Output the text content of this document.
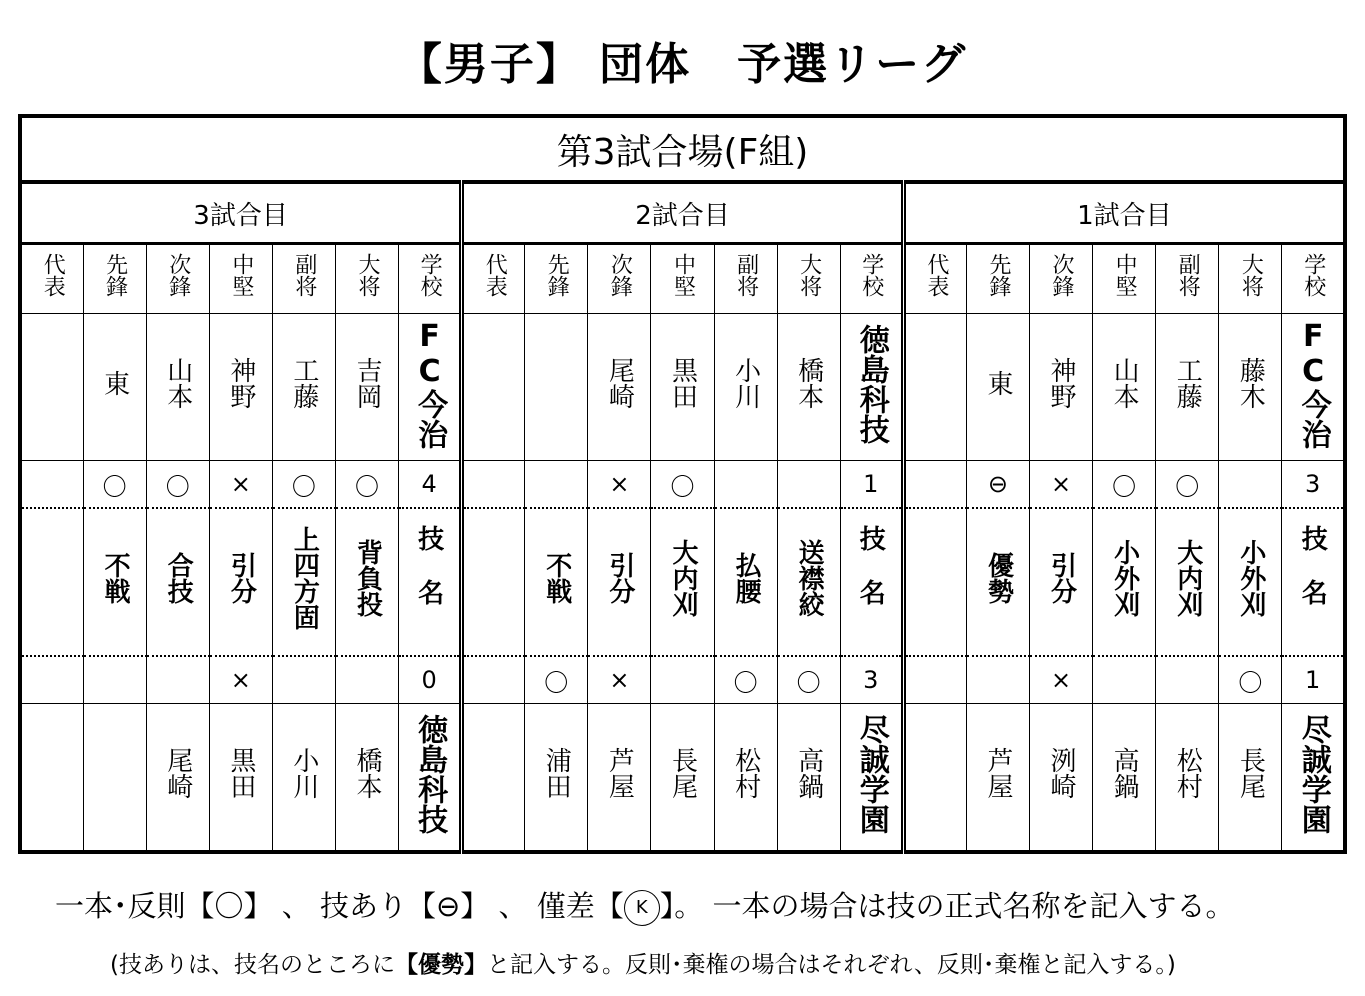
【男子】 団体　予選リーグ
第3試合場(F組)																				
3試合目							2試合目							1試合目						
代表	先鋒	次鋒	中堅	副将	大将	学校	代表	先鋒	次鋒	中堅	副将	大将	学校	代表	先鋒	次鋒	中堅	副将	大将	学校
	東	山本	神野	工藤	吉岡	FC今治			尾崎	黒田	小川	橋本	徳島科技		東	神野	山本	工藤	藤木	FC今治
	〇	〇	×	〇	〇	4			×	〇			1		⊖	×	〇	〇		3
	不戦	合技	引分	上四方固	背負投	技名		不戦	引分	大内刈	払腰	送襟絞	技名		優勢	引分	小外刈	大内刈	小外刈	技名
			×			0		〇	×		〇	〇	3			×			〇	1
		尾崎	黒田	小川	橋本	徳島科技		浦田	芦屋	長尾	松村	高鍋	尽誠学園		芦屋	洌崎	高鍋	松村	長尾	尽誠学園
一本･反則【〇】 、 技あり【⊖】 、 僅差【 K 】。 一本の場合は技の正式名称を記入する。
(技ありは、技名のところに【優勢】と記入する。反則･棄権の場合はそれぞれ、反則･棄権と記入する。)
